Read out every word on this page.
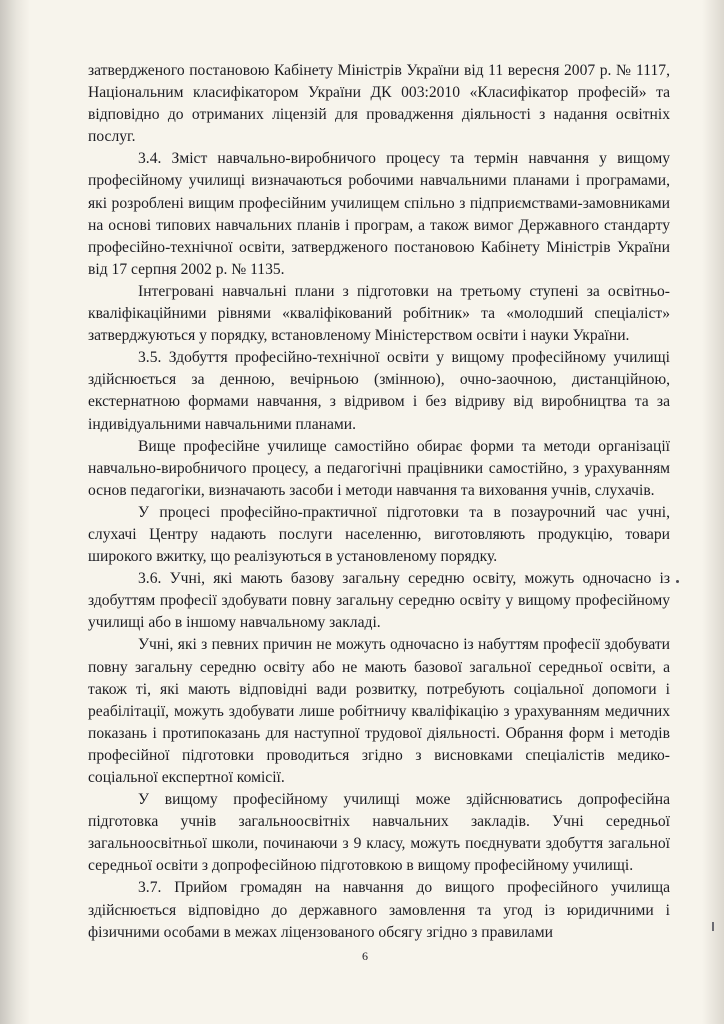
затвердженого постановою Кабінету Міністрів України від 11 вересня 2007 р. № 1117, Національним класифікатором України ДК 003:2010 «Класифікатор професій» та відповідно до отриманих ліцензій для провадження діяльності з надання освітніх послуг.

3.4. Зміст навчально-виробничого процесу та термін навчання у вищому професійному училищі визначаються робочими навчальними планами і програмами, які розроблені вищим професійним училищем спільно з підприємствами-замовниками на основі типових навчальних планів і програм, а також вимог Державного стандарту професійно-технічної освіти, затвердженого постановою Кабінету Міністрів України від 17 серпня 2002 р. № 1135.

Інтегровані навчальні плани з підготовки на третьому ступені за освітньо-кваліфікаційними рівнями «кваліфікований робітник» та «молодший спеціаліст» затверджуються у порядку, встановленому Міністерством освіти і науки України.

3.5. Здобуття професійно-технічної освіти у вищому професійному училищі здійснюється за денною, вечірньою (змінною), очно-заочною, дистанційною, екстернатною формами навчання, з відривом і без відриву від виробництва та за індивідуальними навчальними планами.

Вище професійне училище самостійно обирає форми та методи організації навчально-виробничого процесу, а педагогічні працівники самостійно, з урахуванням основ педагогіки, визначають засоби і методи навчання та виховання учнів, слухачів.

У процесі професійно-практичної підготовки та в позаурочний час учні, слухачі Центру надають послуги населенню, виготовляють продукцію, товари широкого вжитку, що реалізуються в установленому порядку.

3.6. Учні, які мають базову загальну середню освіту, можуть одночасно із здобуттям професії здобувати повну загальну середню освіту у вищому професійному училищі або в іншому навчальному закладі.

Учні, які з певних причин не можуть одночасно із набуттям професії здобувати повну загальну середню освіту або не мають базової загальної середньої освіти, а також ті, які мають відповідні вади розвитку, потребують соціальної допомоги і реабілітації, можуть здобувати лише робітничу кваліфікацію з урахуванням медичних показань і протипоказань для наступної трудової діяльності. Обрання форм і методів професійної підготовки проводиться згідно з висновками спеціалістів медико-соціальної експертної комісії.

У вищому професійному училищі може здійснюватись допрофесійна підготовка учнів загальноосвітніх навчальних закладів. Учні середньої загальноосвітньої школи, починаючи з 9 класу, можуть поєднувати здобуття загальної середньої освіти з допрофесійною підготовкою в вищому професійному училищі.

3.7. Прийом громадян на навчання до вищого професійного училища здійснюється відповідно до державного замовлення та угод із юридичними і фізичними особами в межах ліцензованого обсягу згідно з правилами

6
